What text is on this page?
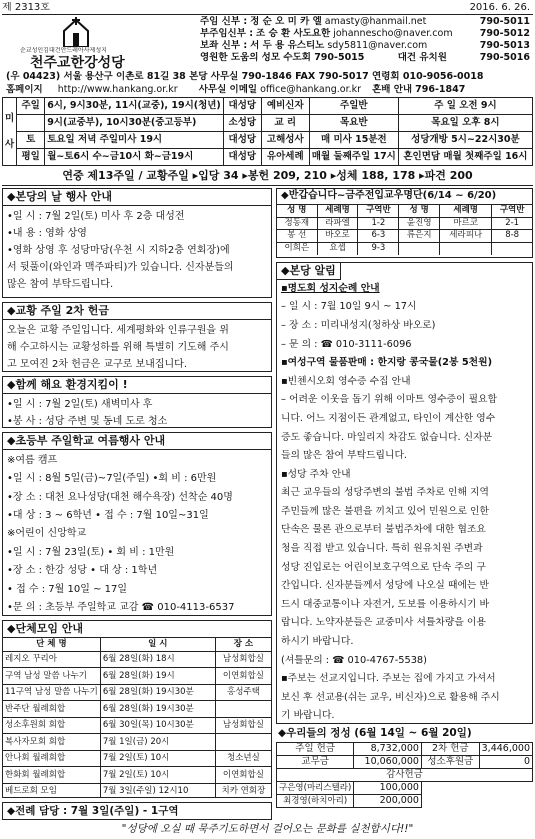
제 2313호	2016. 6. 26.
순교성인김대건안드레아사제성지
천주교한강성당
주임 신부 : 정 순 오 미 카 엘 amasty@hanmail.net	790-5011
부주임신부 : 조 승 환 사도요한 johannescho@naver.com	790-5012
보좌 신부 : 서 두 용 유스티노 sdy5811@naver.com	790-5013
영원한 도움의 성모 수도회 790-5015	대건 유치원	790-5016
(우 04423) 서울 용산구 이촌로 81길 38 본당 사무실 790-1846 FAX 790-5017 연령회 010-9056-0018
홈페이지 http://www.hankang.or.kr 사무실 이메일 office@hankang.or.kr 혼배 안내 796-1847
미
사	주일	6시, 9시30분, 11시(교중), 19시(청년)	대성당	예비신자	주일반	주 일 오전 9시
		9시(교중부), 10시30분(중고등부)	소성당	교 리	목요반	목요일 오후 8시
	토	토요일 저녁 주일미사 19시	대성당	고해성사	매 미사 15분전	성당개방 5시~22시30분
	평일	월~토6시 수~금10시 화~금19시	대성당	유아세례	매월 둘째주일 17시	혼인면담 매월 첫째주일 16시
연중 제13주일 / 교황주일 ▸입당 34 ▸봉헌 209, 210 ▸성체 188, 178 ▸파견 200
◆본당의 날 행사 안내
•일 시 : 7월 2일(토) 미사 후 2층 대성전
•내 용 : 영화 상영
•영화 상영 후 성당마당(우천 시 지하2층 연회장)에
서 뒷풀이(와인과 맥주파티)가 있습니다. 신자분들의
많은 참여 부탁드립니다.
◆교황 주일 2차 헌금
오늘은 교황 주일입니다. 세계평화와 인류구원을 위
해 수고하시는 교황성하를 위해 특별히 기도해 주시
고 모여진 2차 헌금은 교구로 보내집니다.
◆함께 해요 환경지킴이 !
•일 시 : 7월 2일(토) 새벽미사 후
•봉 사 : 성당 주변 및 동네 도로 청소
◆초등부 주일학교 여름행사 안내
※여름 캠프
•일 시 : 8월 5일(금)~7일(주일) •회 비 : 6만원
•장 소 : 대천 요나성당(대천 해수욕장) 선착순 40명
•대 상 : 3 ~ 6학년 • 접 수 : 7월 10일~31일
※어린이 신앙학교
•일 시 : 7월 23일(토) • 회 비 : 1만원
•장 소 : 한강 성당 • 대 상 : 1학년
• 접 수 : 7월 10일 ~ 17일
•문 의 : 초등부 주일학교 교감 ☎ 010-4113-6537
◆단체모임 안내
단 체 명	일 시	장 소
레지오 꾸리아	6월 28일(화) 18시	남성회합실
구역 남성 말씀 나누기	6월 28일(화) 19시	이연회합실
11구역 남성 말씀 나누기	6월 28일(화) 19시30분	홍성주택
반주단 월례회합	6월 28일(화) 19시30분	
성소후원회 회합	6월 30일(목) 10시30분	남성회합실
복사자모회 회합	7월 1일(금) 20시	
안나회 월례회합	7월 2일(토) 10시	청소년실
한화회 월례회합	7월 2일(토) 10시	이연회합실
베드로회 모임	7월 3일(주일) 12시10	치카 연회장
◆전례 담당 : 7월 3일(주일) - 1구역
◆반갑습니다~금주전입교우명단(6/14 ~ 6/20)
성 명	세례명	구역반	성 명	세례명	구역반
정동재	라파엘	1-2	윤진영	마르코	2-1
봉 선	바오로	6-3	류은지	세라피나	8-8
이희은	요셉	9-3			
◆본당 알림
▪명도회 성지순례 안내
– 일 시 : 7월 10일 9시 ~ 17시
– 장 소 : 미리내성지(청하상 바오로)
– 문 의 : ☎ 010-3111-6096
▪여성구역 물품판매 : 한지랑 콩국물(2봉 5천원)
▪빈첸시오회 영수증 수집 안내
– 어려운 이웃을 돕기 위해 이마트 영수증이 필요합
니다. 어느 지점이든 관계없고, 타인이 계산한 영수
증도 좋습니다. 마일리지 차감도 없습니다. 신자분
들의 많은 참여 부탁드립니다.
▪성당 주차 안내
최근 교우들의 성당주변의 불법 주차로 인해 지역
주민들께 많은 불편을 끼치고 있어 민원으로 인한
단속은 물론 관으로부터 불법주차에 대한 협조요
청을 직접 받고 있습니다. 특히 원유치원 주변과
성당 진입로는 어린이보호구역으로 단속 주의 구
간입니다. 신자분들께서 성당에 나오실 때에는 반
드시 대중교통이나 자전거, 도보를 이용하시기 바
랍니다. 노약자분들은 교중미사 셔틀차량을 이용
하시기 바랍니다.
(셔틀문의 : ☎ 010-4767-5538)
▪주보는 선교지입니다. 주보는 집에 가지고 가셔서
보신 후 선교용(쉬는 교우, 비신자)으로 활용해 주시
기 바랍니다.
◆우리들의 정성 (6월 14일 ~ 6월 20일)
주일 헌금	8,732,000	2차 헌금	3,446,000
교무금	10,060,000	성소후원금	0
감사헌금			
구은영(마리스텔라)	100,000		
최경영(하치아리)	200,000		
"성당에 오실 때 묵주기도하면서 걸어오는 문화를 실천합시다!!"
